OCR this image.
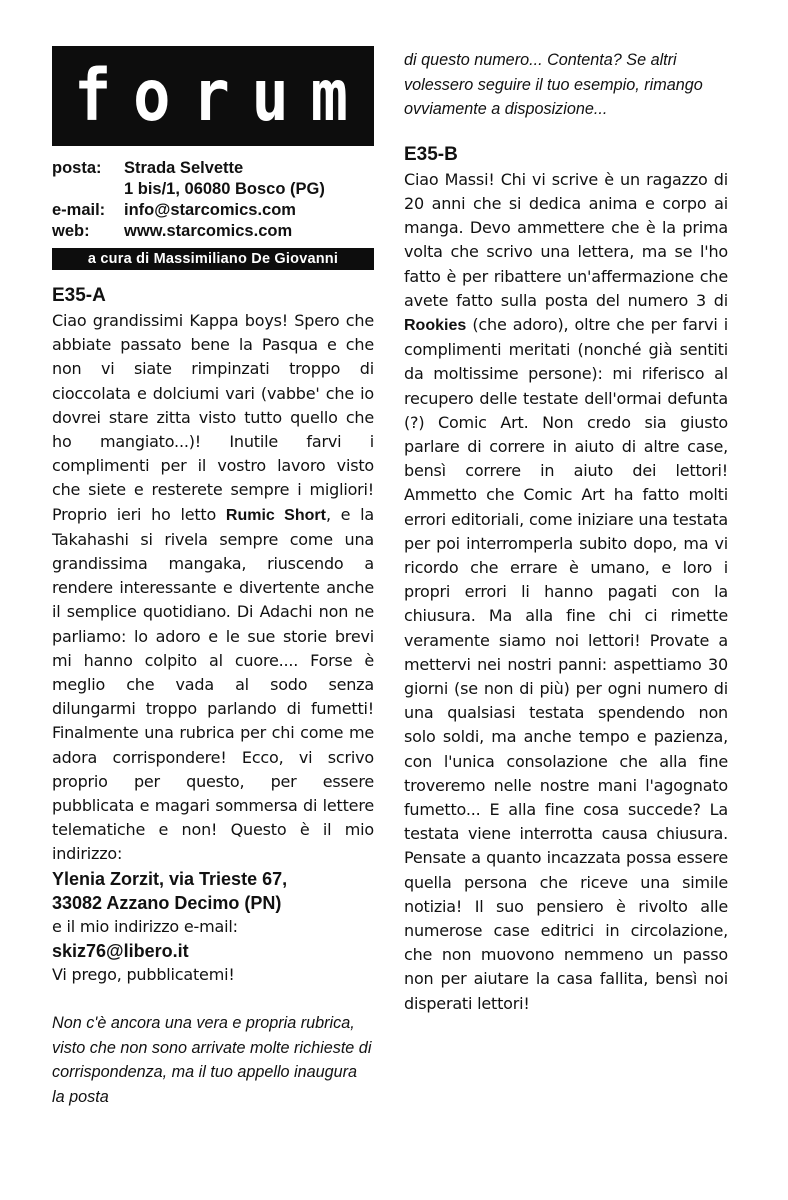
f o r u m
posta:	Strada Selvette
1 bis/1, 06080 Bosco (PG)
e-mail:	info@starcomics.com
web:	www.starcomics.com
a cura di Massimiliano De Giovanni
E35-A

Ciao grandissimi Kappa boys! Spero che abbiate passato bene la Pasqua e che non vi siate rimpinzati troppo di cioccolata e dolciumi vari (vabbe' che io dovrei stare zitta visto tutto quello che ho mangiato...)! Inutile farvi i complimenti per il vostro lavoro visto che siete e resterete sempre i migliori! Proprio ieri ho letto Rumic Short, e la Takahashi si rivela sempre come una grandissima mangaka, riuscendo a rendere interessante e divertente anche il semplice quotidiano. Di Adachi non ne parliamo: lo adoro e le sue storie brevi mi hanno colpito al cuore.... Forse è meglio che vada al sodo senza dilungarmi troppo parlando di fumetti! Finalmente una rubrica per chi come me adora corrispondere! Ecco, vi scrivo proprio per questo, per essere pubblicata e magari sommersa di lettere telematiche e non! Questo è il mio indirizzo:
Ylenia Zorzit, via Trieste 67,
33082 Azzano Decimo (PN)
e il mio indirizzo e-mail:
skiz76@libero.it
Vi prego, pubblicatemi!

Non c'è ancora una vera e propria rubrica, visto che non sono arrivate molte richieste di corrispondenza, ma il tuo appello inaugura la posta

di questo numero... Contenta? Se altri volessero seguire il tuo esempio, rimango ovviamente a disposizione...

E35-B

Ciao Massi! Chi vi scrive è un ragazzo di 20 anni che si dedica anima e corpo ai manga. Devo ammettere che è la prima volta che scrivo una lettera, ma se l'ho fatto è per ribattere un'affermazione che avete fatto sulla posta del numero 3 di Rookies (che adoro), oltre che per farvi i complimenti meritati (nonché già sentiti da moltissime persone): mi riferisco al recupero delle testate dell'ormai defunta (?) Comic Art. Non credo sia giusto parlare di correre in aiuto di altre case, bensì correre in aiuto dei lettori! Ammetto che Comic Art ha fatto molti errori editoriali, come iniziare una testata per poi interromperla subito dopo, ma vi ricordo che errare è umano, e loro i propri errori li hanno pagati con la chiusura. Ma alla fine chi ci rimette veramente siamo noi lettori! Provate a mettervi nei nostri panni: aspettiamo 30 giorni (se non di più) per ogni numero di una qualsiasi testata spendendo non solo soldi, ma anche tempo e pazienza, con l'unica consolazione che alla fine troveremo nelle nostre mani l'agognato fumetto... E alla fine cosa succede? La testata viene interrotta causa chiusura. Pensate a quanto incazzata possa essere quella persona che riceve una simile notizia! Il suo pensiero è rivolto alle numerose case editrici in circolazione, che non muovono nemmeno un passo non per aiutare la casa fallita, bensì noi disperati lettori!
